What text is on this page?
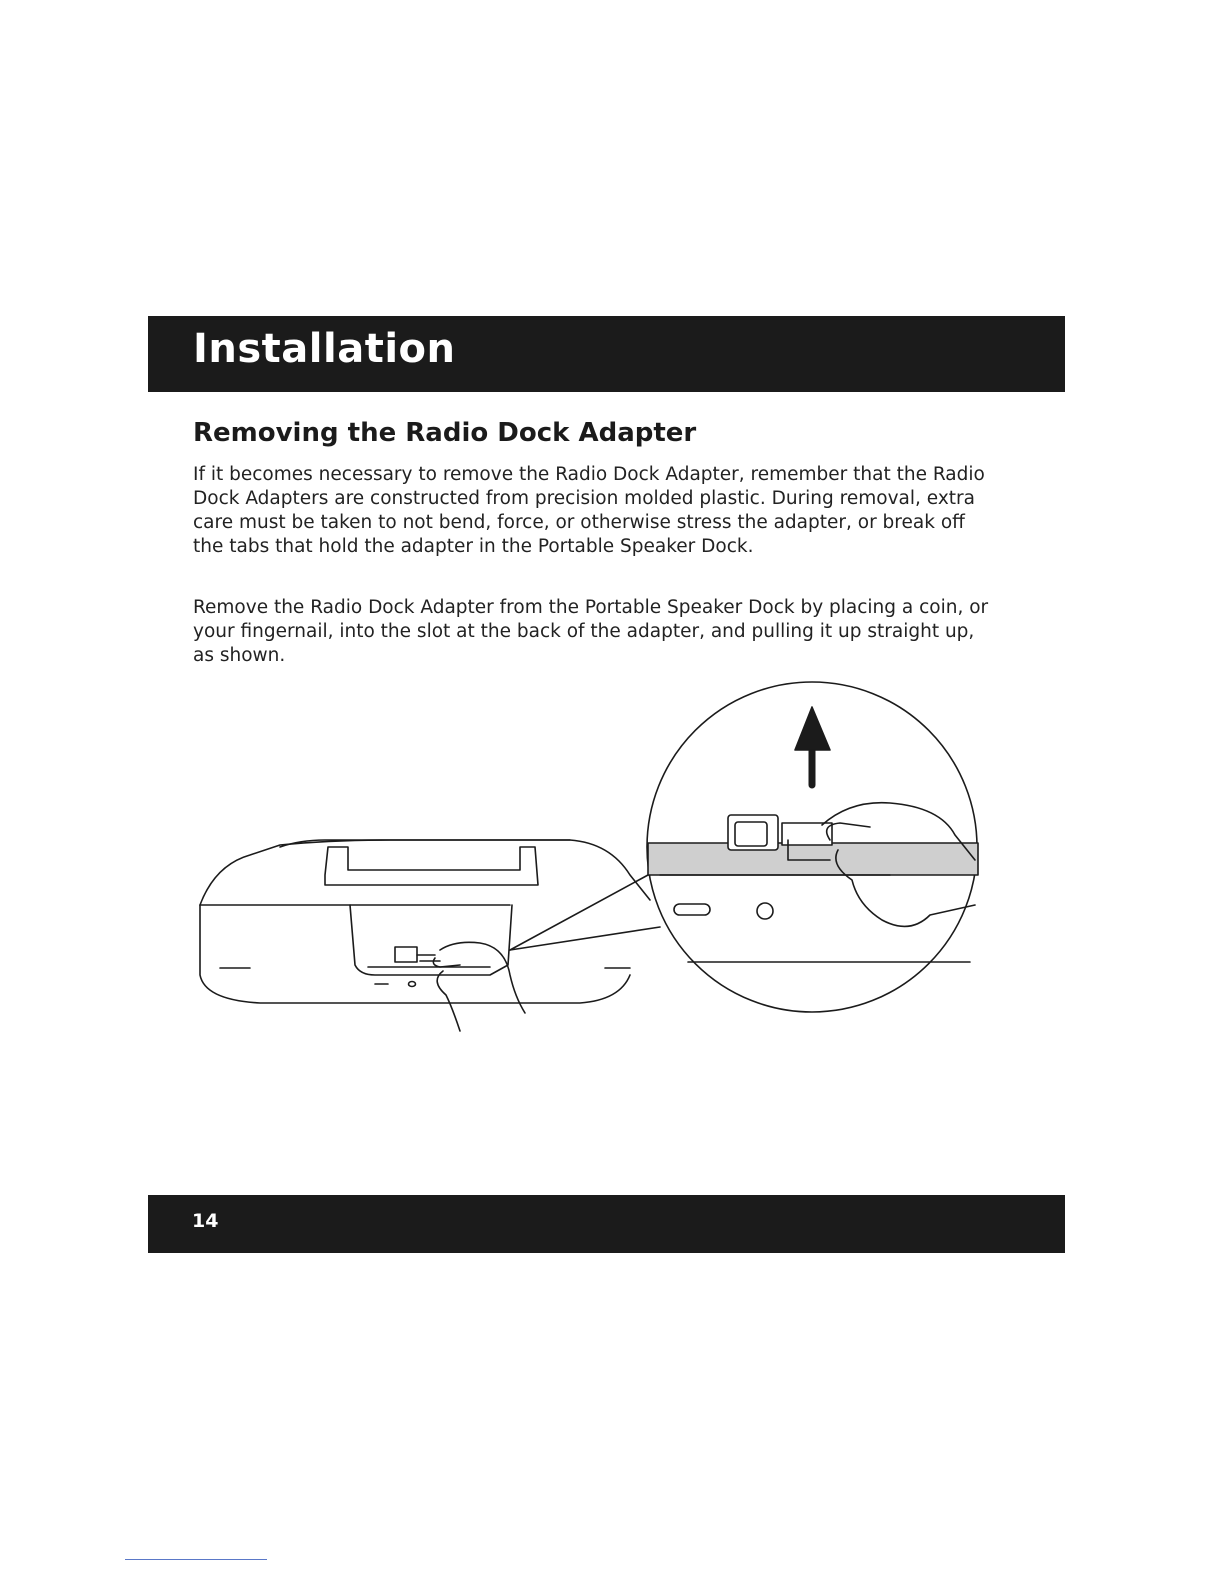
Installation
Removing the Radio Dock Adapter

If it becomes necessary to remove the Radio Dock Adapter, remember that the Radio Dock Adapters are constructed from precision molded plastic. During removal, extra care must be taken to not bend, force, or otherwise stress the adapter, or break off the tabs that hold the adapter in the Portable Speaker Dock.

Remove the Radio Dock Adapter from the Portable Speaker Dock by placing a coin, or your fingernail, into the slot at the back of the adapter, and pulling it up straight up, as shown.

14
